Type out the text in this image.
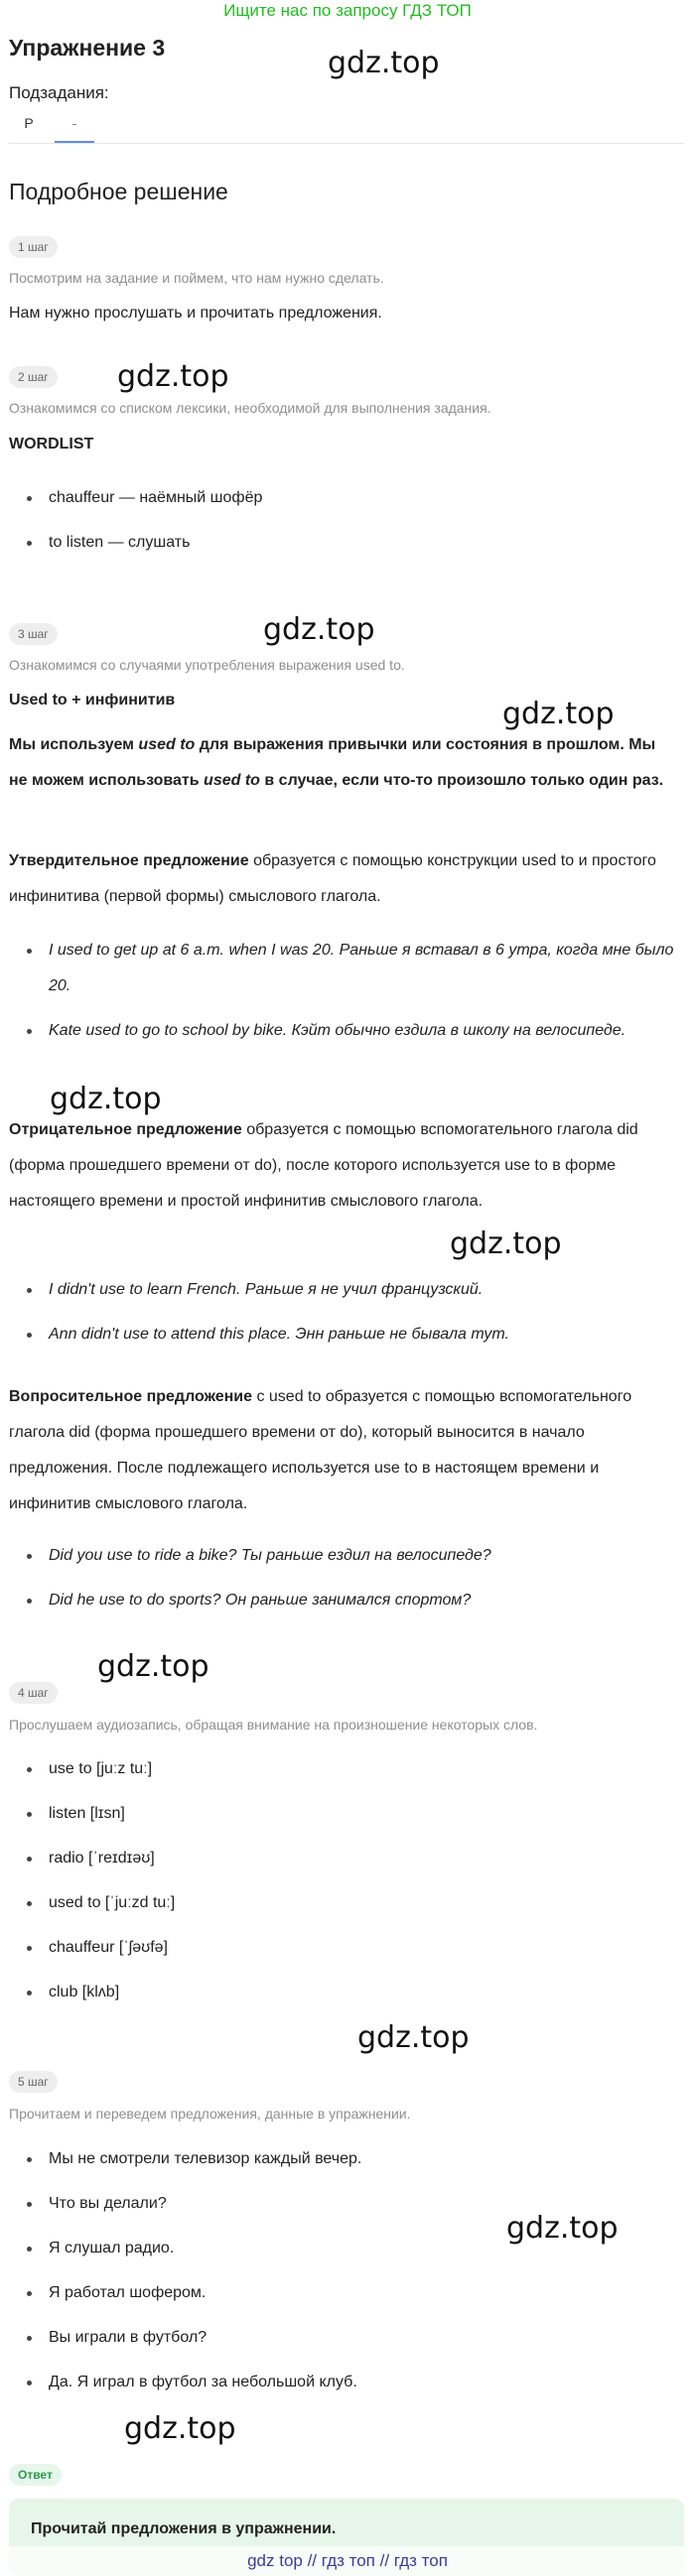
Ищите нас по запросу ГДЗ ТОП
Упражнение 3	gdz.top
Подзадания:
P	-
Подробное решение
1 шаг
Посмотрим на задание и поймем, что нам нужно сделать.

Нам нужно прослушать и прочитать предложения.

2 шаг	gdz.top
Ознакомимся со списком лексики, необходимой для выполнения задания.

WORDLIST

chauffeur — наёмный шофёр
to listen — слушать
3 шаг	gdz.top
Ознакомимся со случаями употребления выражения used to.

Used to + инфинитив	gdz.top

Мы используем used to для выражения привычки или состояния в прошлом. Мы не можем использовать used to в случае, если что-то произошло только один раз.

Утвердительное предложение образуется с помощью конструкции used to и простого инфинитива (первой формы) смыслового глагола.

I used to get up at 6 a.m. when I was 20. Раньше я вставал в 6 утра, когда мне было 20.
Kate used to go to school by bike. Кэйт обычно ездила в школу на велосипеде.
gdz.top

Отрицательное предложение образуется с помощью вспомогательного глагола did (форма прошедшего времени от do), после которого используется use to в форме настоящего времени и простой инфинитив смыслового глагола.

gdz.top
I didn't use to learn French. Раньше я не учил французский.
Ann didn't use to attend this place. Энн раньше не бывала тут.

Вопросительное предложение с used to образуется с помощью вспомогательного глагола did (форма прошедшего времени от do), который выносится в начало предложения. После подлежащего используется use to в настоящем времени и инфинитив смыслового глагола.

Did you use to ride a bike? Ты раньше ездил на велосипеде?
Did he use to do sports? Он раньше занимался спортом?
gdz.top
4 шаг
Прослушаем аудиозапись, обращая внимание на произношение некоторых слов.
use to [juːz tuː]
listen [lɪsn]
radio [ˈreɪdɪəʊ]
used to [ˈjuːzd tuː]
chauffeur [ˈʃəʊfə]
club [klʌb]
gdz.top
5 шаг
Прочитаем и переведем предложения, данные в упражнении.
Мы не смотрели телевизор каждый вечер.
Что вы делали?
Я слушал радио.
Я работал шофером.
Вы играли в футбол?
Да. Я играл в футбол за небольшой клуб.
gdz.top
gdz.top
Ответ
Прочитай предложения в упражнении.
gdz top // гдз топ // гдз топ
